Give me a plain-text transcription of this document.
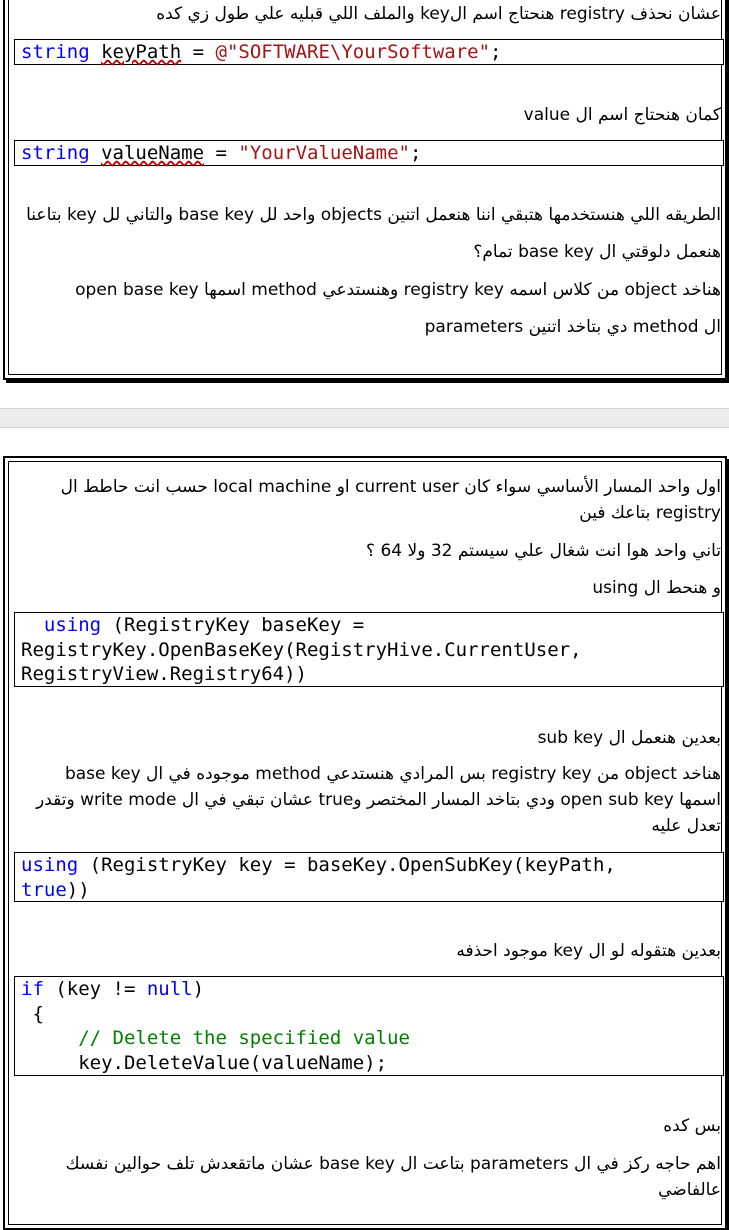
عشان نحذف registry هنحتاج اسم الkey والملف اللي قبليه علي طول زي كده
string keyPath = @"SOFTWARE\YourSoftware";
كمان هنحتاج اسم ال value
string valueName = "YourValueName";
الطريقه اللي هنستخدمها هتبقي اننا هنعمل اتنين objects واحد لل base key والتاني لل key بتاعنا
هنعمل دلوقتي ال base key تمام؟
هناخد object من كلاس اسمه registry key وهنستدعي method اسمها open base key
ال method دي بتاخد اتنين parameters
اول واحد المسار الأساسي سواء كان current user او local machine حسب انت حاطط ال registry بتاعك فين
تاني واحد هوا انت شغال علي سيستم 32 ولا 64 ؟
و هنحط ال using
using (RegistryKey baseKey =
RegistryKey.OpenBaseKey(RegistryHive.CurrentUser,
RegistryView.Registry64))
بعدين هنعمل ال sub key
هناخد object من registry key بس المرادي هنستدعي method موجوده في ال base key اسمها open sub key ودي بتاخد المسار المختصر وtrue عشان تبقي في ال write mode وتقدر تعدل عليه
using (RegistryKey key = baseKey.OpenSubKey(keyPath,
true))
بعدين هتقوله لو ال key موجود احذفه
if (key != null)
{
// Delete the specified value
key.DeleteValue(valueName);
بس كده
اهم حاجه ركز في ال parameters بتاعت ال base key عشان ماتقعدش تلف حوالين نفسك عالفاضي
